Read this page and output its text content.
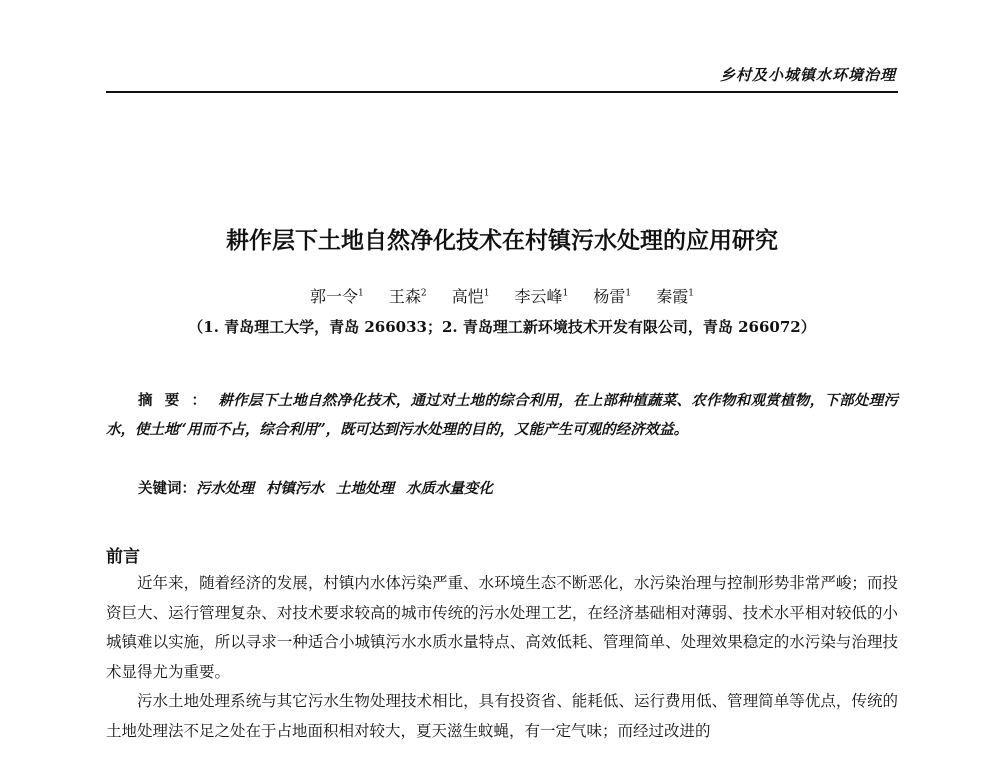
乡村及小城镇水环境治理
耕作层下土地自然净化技术在村镇污水处理的应用研究
郭一令$^1$ 王森$^2$ 高恺$^1$ 李云峰$^1$ 杨雷$^1$ 秦霞$^1$
（1. 青岛理工大学，青岛 266033；2. 青岛理工新环境技术开发有限公司，青岛 266072）
摘要：耕作层下土地自然净化技术，通过对土地的综合利用，在上部种植蔬菜、农作物和观赏植物，下部处理污水，使土地“用而不占，综合利用”，既可达到污水处理的目的，又能产生可观的经济效益。
关键词：污水处理 村镇污水 土地处理 水质水量变化
前言

近年来，随着经济的发展，村镇内水体污染严重、水环境生态不断恶化，水污染治理与控制形势非常严峻；而投资巨大、运行管理复杂、对技术要求较高的城市传统的污水处理工艺，在经济基础相对薄弱、技术水平相对较低的小城镇难以实施，所以寻求一种适合小城镇污水水质水量特点、高效低耗、管理简单、处理效果稳定的水污染与治理技术显得尤为重要。

污水土地处理系统与其它污水生物处理技术相比，具有投资省、能耗低、运行费用低、管理简单等优点，传统的土地处理法不足之处在于占地面积相对较大，夏天滋生蚊蝇，有一定气味；而经过改进的
